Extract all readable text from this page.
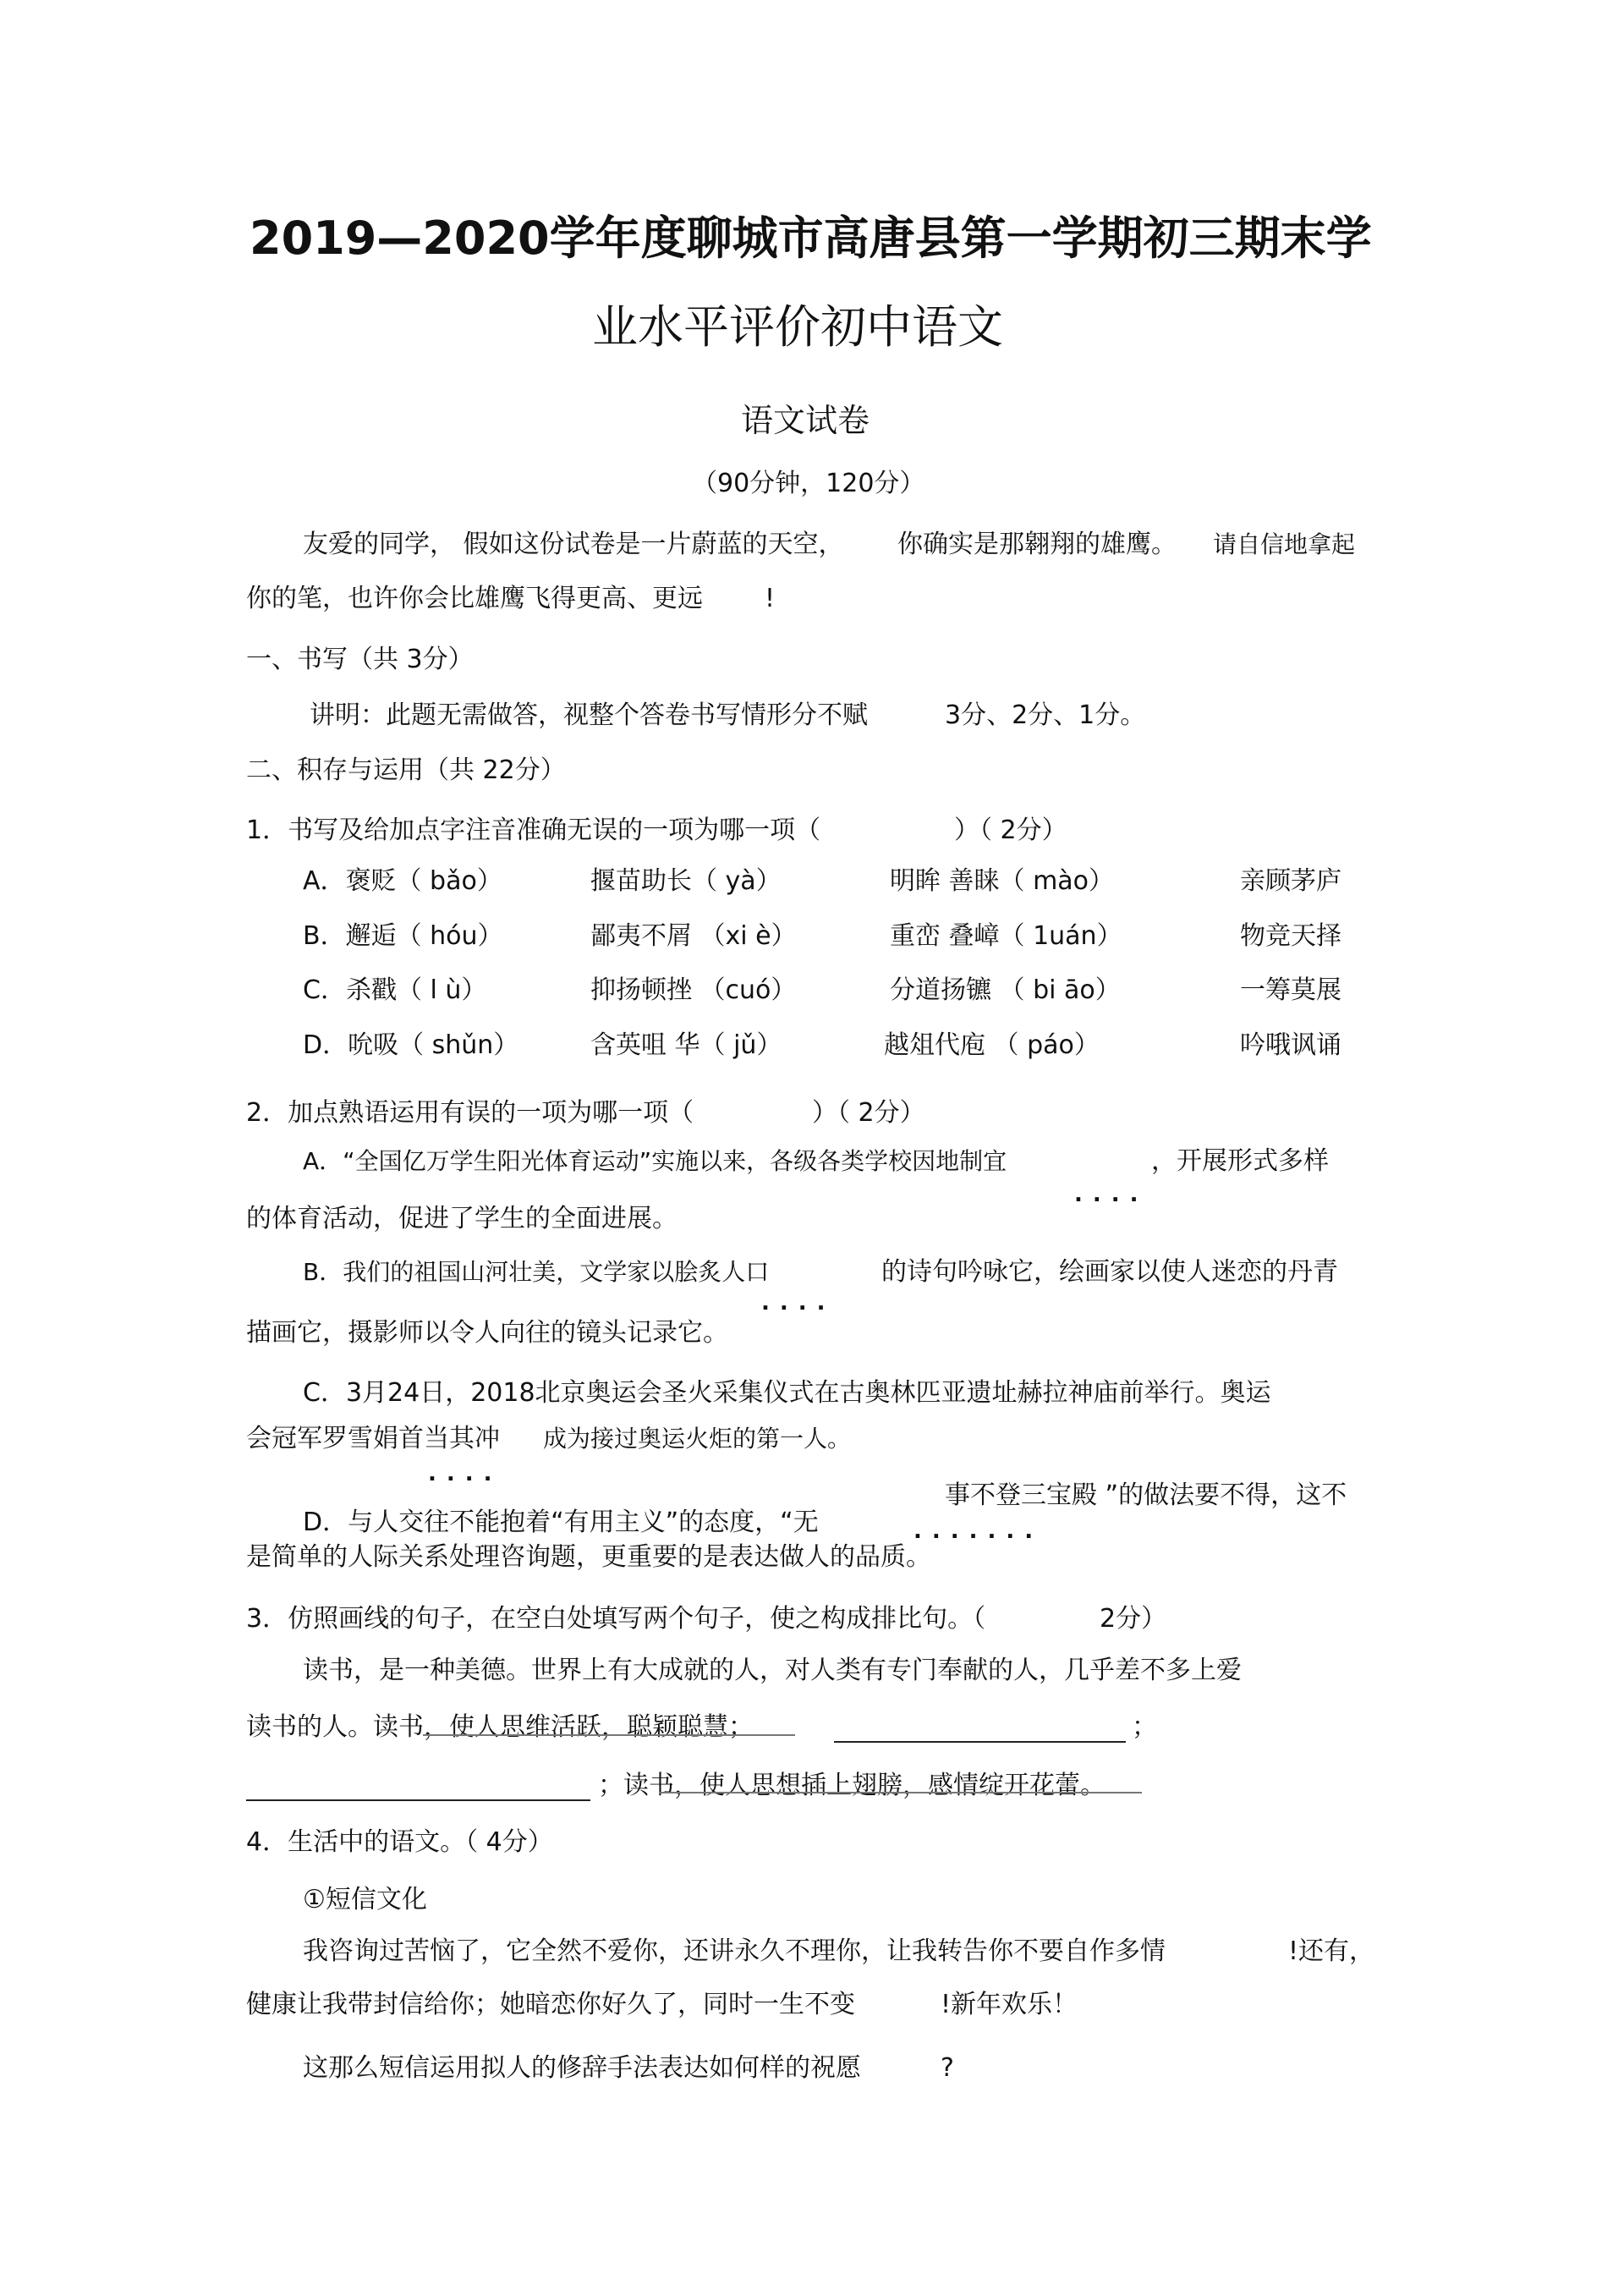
2019—2020学年度聊城市高唐县第一学期初三期末学
业水平评价初中语文
语文试卷
（90分钟，120分）
友爱的同学， 假如这份试卷是一片蔚蓝的天空， 你确实是那翱翔的雄鹰。 请自信地拿起
你的笔，也许你会比雄鹰飞得更高、更远 !
一、书写（共 3分）
讲明：此题无需做答，视整个答卷书写情形分不赋	3分、2分、1分。
二、积存与运用（共 22分）
1．书写及给加点字注音准确无误的一项为哪一项（	）（ 2分）
A．褒贬（ bǎo）	揠苗助长（ yà）	明眸 善睐（ mào）	亲顾茅庐
B．邂逅（ hóu）	鄙夷不屑 （xi è）	重峦 叠嶂（ 1uán）	物竞天择
C．杀戳（ l ù）	抑扬顿挫 （cuó）	分道扬镳 （ bi āo）	一筹莫展
D．吮吸（ shǔn）	含英咀 华（ jǔ）	越俎代庖 （ páo）	吟哦讽诵
2．加点熟语运用有误的一项为哪一项（	）（ 2分）
A．“全国亿万学生阳光体育运动”实施以来，各级各类学校因地制宜	，开展形式多样
....
的体育活动，促进了学生的全面进展。
B．我们的祖国山河壮美，文学家以脍炙人口	的诗句吟咏它，绘画家以使人迷恋的丹青
....
描画它，摄影师以令人向往的镜头记录它。
C．3月24日，2018北京奥运会圣火采集仪式在古奥林匹亚遗址赫拉神庙前举行。奥运
会冠军罗雪娟首当其冲 成为接过奥运火炬的第一人。
....
事不登三宝殿 ”的做法要不得，这不
D．与人交往不能抱着“有用主义”的态度，“无	.......
是简单的人际关系处理咨询题，更重要的是表达做人的品质。
3．仿照画线的句子，在空白处填写两个句子，使之构成排比句。（	2分）
读书，是一种美德。世界上有大成就的人，对人类有专门奉献的人，几乎差不多上爱
读书的人。读书，使人思维活跃，聪颖聪慧；	；
；读书，使人思想插上翅膀，感情绽开花蕾。
4．生活中的语文。（ 4分）
①短信文化
我咨询过苦恼了，它全然不爱你，还讲永久不理你，让我转告你不要自作多情	!还有，
健康让我带封信给你；她暗恋你好久了，同时一生不变	!新年欢乐！
这那么短信运用拟人的修辞手法表达如何样的祝愿	?
